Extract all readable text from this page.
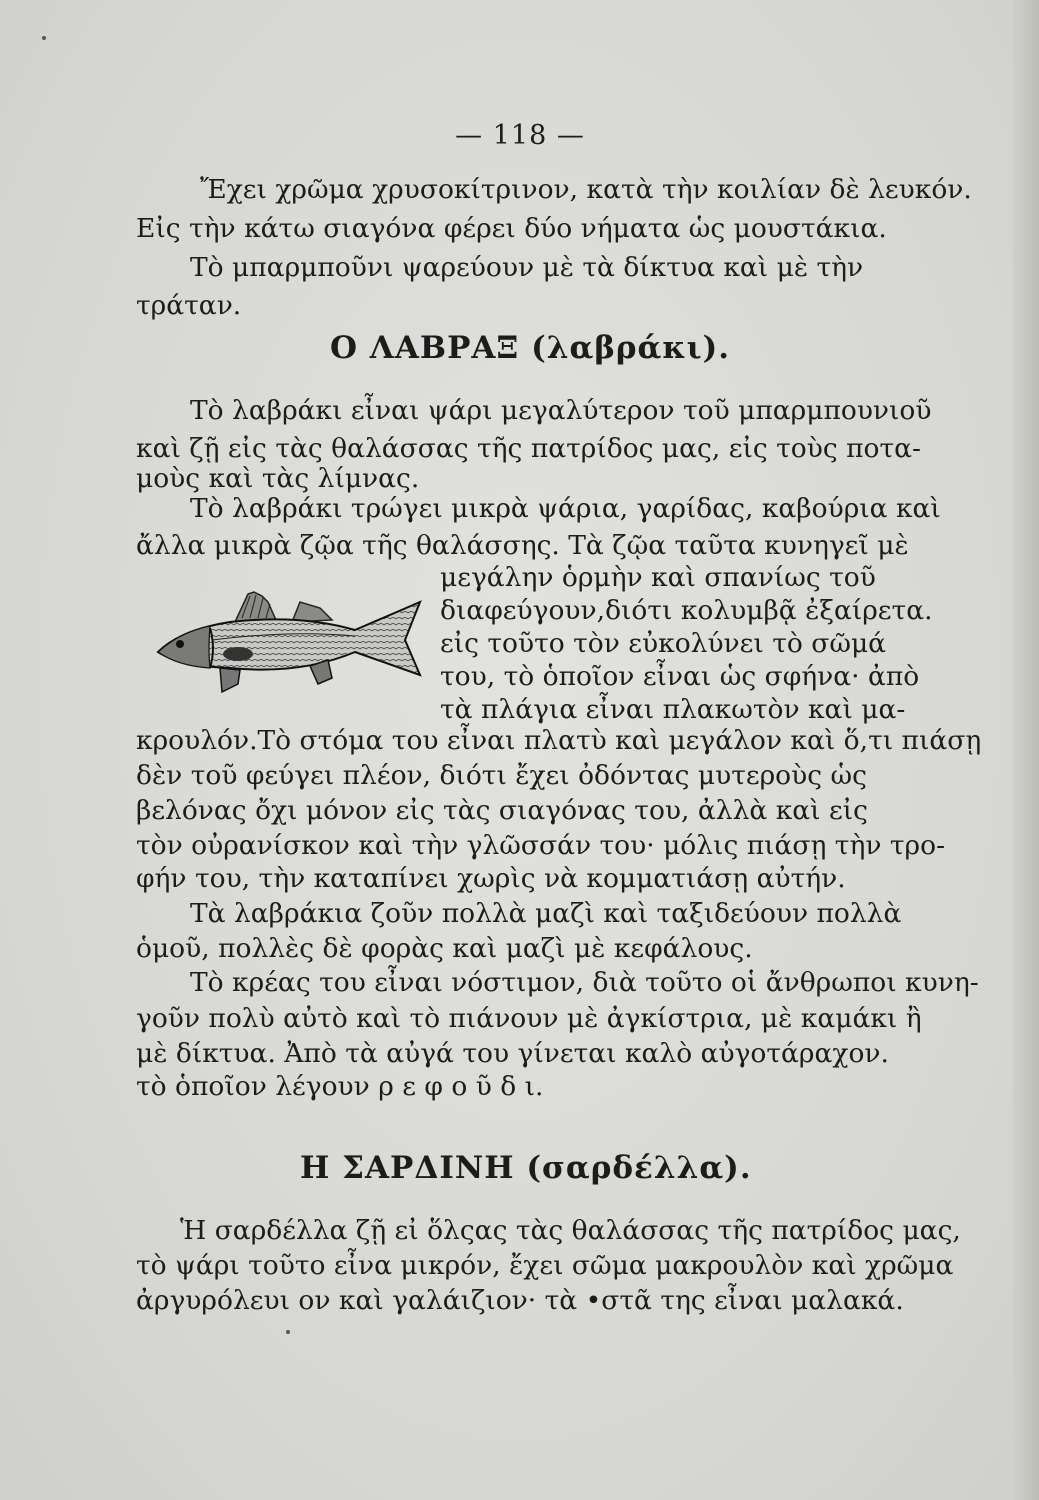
— 118 —
Ἔχει χρῶμα χρυσοκίτρινον, κατὰ τὴν κοιλίαν δὲ λευκόν.
Εἰς τὴν κάτω σιαγόνα φέρει δύο νήματα ὡς μουστάκια.
Τὸ μπαρμποῦνι ψαρεύουν μὲ τὰ δίκτυα καὶ μὲ τὴν
τράταν.
Ο ΛΑΒΡΑΞ (λαβράκι).
Τὸ λαβράκι εἶναι ψάρι μεγαλύτερον τοῦ μπαρμπουνιοῦ
καὶ ζῇ εἰς τὰς θαλάσσας τῆς πατρίδος μας, εἰς τοὺς ποτα-
μοὺς καὶ τὰς λίμνας.
Τὸ λαβράκι τρώγει μικρὰ ψάρια, γαρίδας, καβούρια καὶ
ἄλλα μικρὰ ζῷα τῆς θαλάσσης. Τὰ ζῷα ταῦτα κυνηγεῖ μὲ
μεγάλην ὁρμὴν καὶ σπανίως τοῦ
διαφεύγουν,διότι κολυμβᾷ ἐξαίρετα.
εἰς τοῦτο τὸν εὐκολύνει τὸ σῶμά
του, τὸ ὁποῖον εἶναι ὡς σφήνα· ἀπὸ
τὰ πλάγια εἶναι πλακωτὸν καὶ μα-
κρουλόν.Τὸ στόμα του εἶναι πλατὺ καὶ μεγάλον καὶ ὅ,τι πιάσῃ
δὲν τοῦ φεύγει πλέον, διότι ἔχει ὀδόντας μυτεροὺς ὡς
βελόνας ὄχι μόνον εἰς τὰς σιαγόνας του, ἀλλὰ καὶ εἰς
τὸν οὐρανίσκον καὶ τὴν γλῶσσάν του· μόλις πιάσῃ τὴν τρο-
φήν του, τὴν καταπίνει χωρὶς νὰ κομματιάσῃ αὐτήν.
Τὰ λαβράκια ζοῦν πολλὰ μαζὶ καὶ ταξιδεύουν πολλὰ
ὁμοῦ, πολλὲς δὲ φορὰς καὶ μαζὶ μὲ κεφάλους.
Τὸ κρέας του εἶναι νόστιμον, διὰ τοῦτο οἱ ἄνθρωποι κυνη-
γοῦν πολὺ αὐτὸ καὶ τὸ πιάνουν μὲ ἀγκίστρια, μὲ καμάκι ἢ
μὲ δίκτυα. Ἀπὸ τὰ αὐγά του γίνεται καλὸ αὐγοτάραχον.
τὸ ὁποῖον λέγουν ρ ε φ ο ῦ δ ι.
Η ΣΑΡΔΙΝΗ (σαρδέλλα).
Ἡ σαρδέλλα ζῇ εἰ ὅλςας τὰς θαλάσσας τῆς πατρίδος μας,
τὸ ψάρι τοῦτο εἶνα μικρόν, ἔχει σῶμα μακρουλὸν καὶ χρῶμα
ἀργυρόλευι ον καὶ γαλάιζιον· τὰ •στᾶ της εἶναι μαλακά.
